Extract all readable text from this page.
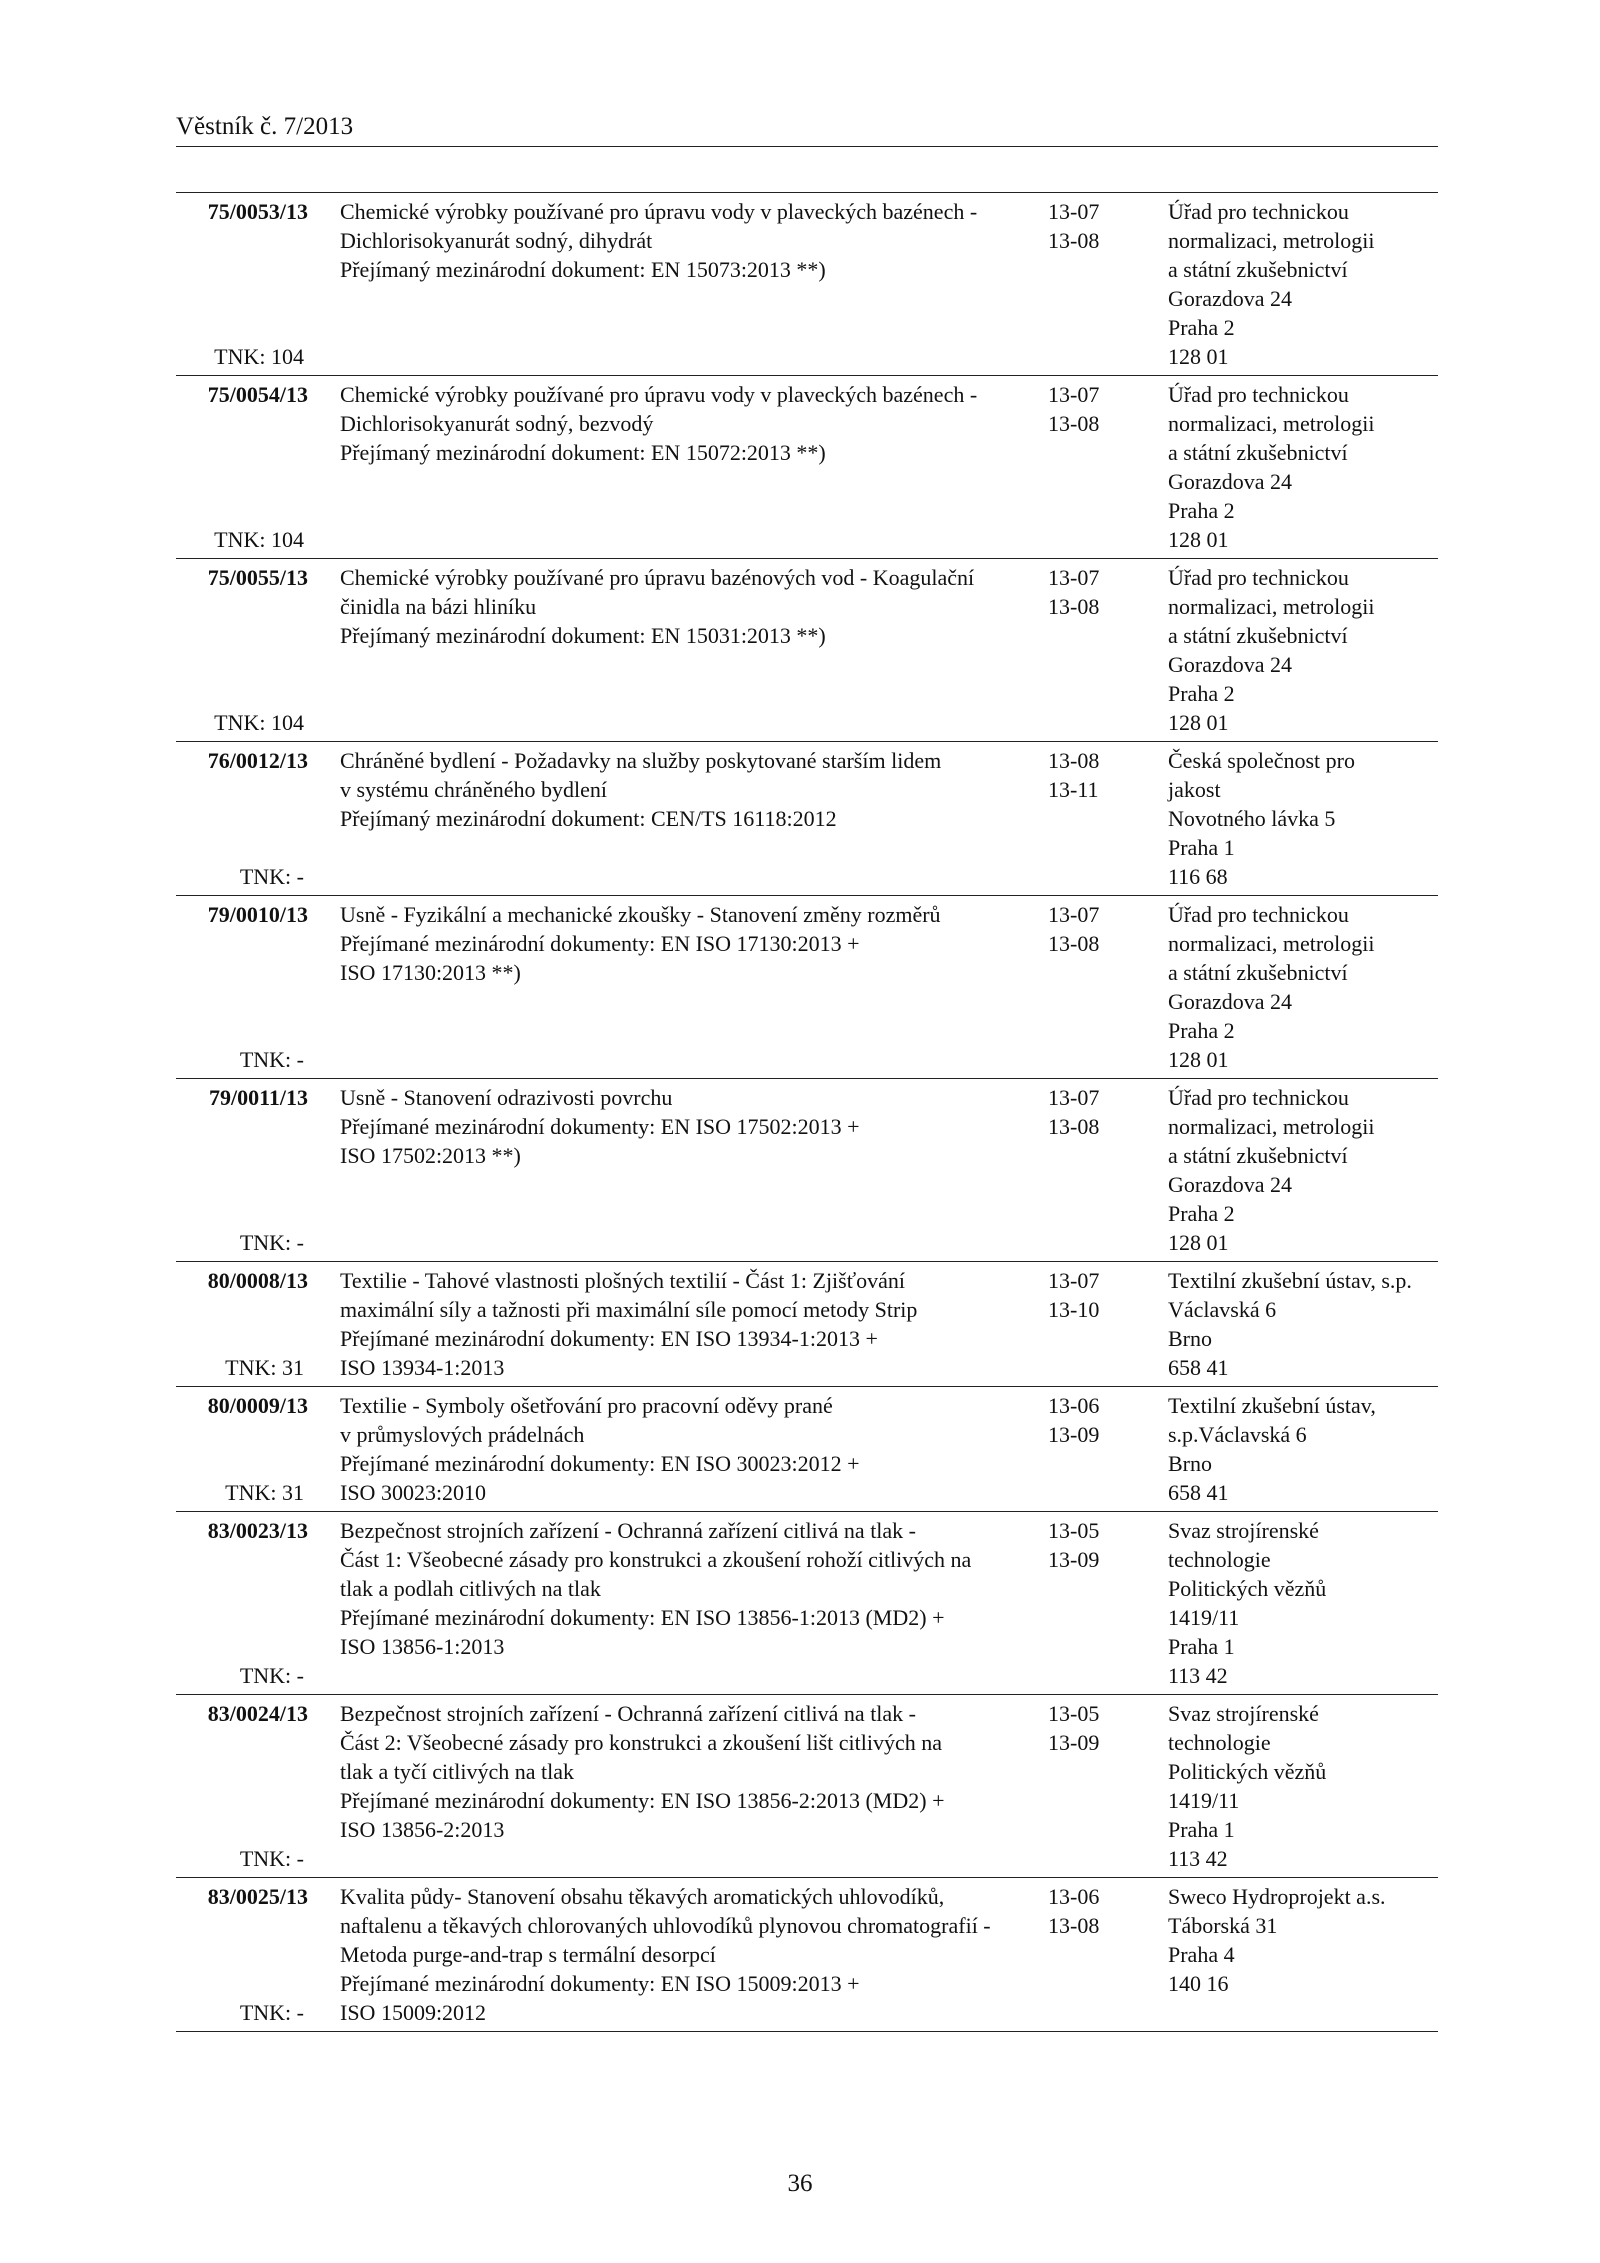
Věstník č. 7/2013
75/0053/13
TNK: 104
Chemické výrobky používané pro úpravu vody v plaveckých bazénech -
Dichlorisokyanurát sodný, dihydrát
Přejímaný mezinárodní dokument: EN 15073:2013 **)
13-07
13-08
Úřad pro technickou
normalizaci, metrologii
a státní zkušebnictví
Gorazdova 24
Praha 2
128 01
75/0054/13
TNK: 104
Chemické výrobky používané pro úpravu vody v plaveckých bazénech -
Dichlorisokyanurát sodný, bezvodý
Přejímaný mezinárodní dokument: EN 15072:2013 **)
13-07
13-08
Úřad pro technickou
normalizaci, metrologii
a státní zkušebnictví
Gorazdova 24
Praha 2
128 01
75/0055/13
TNK: 104
Chemické výrobky používané pro úpravu bazénových vod - Koagulační
činidla na bázi hliníku
Přejímaný mezinárodní dokument: EN 15031:2013 **)
13-07
13-08
Úřad pro technickou
normalizaci, metrologii
a státní zkušebnictví
Gorazdova 24
Praha 2
128 01
76/0012/13
TNK: -
Chráněné bydlení - Požadavky na služby poskytované starším lidem
v systému chráněného bydlení
Přejímaný mezinárodní dokument: CEN/TS 16118:2012
13-08
13-11
Česká společnost pro
jakost
Novotného lávka 5
Praha 1
116 68
79/0010/13
TNK: -
Usně - Fyzikální a mechanické zkoušky - Stanovení změny rozměrů
Přejímané mezinárodní dokumenty: EN ISO 17130:2013 +
ISO 17130:2013 **)
13-07
13-08
Úřad pro technickou
normalizaci, metrologii
a státní zkušebnictví
Gorazdova 24
Praha 2
128 01
79/0011/13
TNK: -
Usně - Stanovení odrazivosti povrchu
Přejímané mezinárodní dokumenty: EN ISO 17502:2013 +
ISO 17502:2013 **)
13-07
13-08
Úřad pro technickou
normalizaci, metrologii
a státní zkušebnictví
Gorazdova 24
Praha 2
128 01
80/0008/13
TNK: 31
Textilie - Tahové vlastnosti plošných textilií - Část 1: Zjišťování
maximální síly a tažnosti při maximální síle pomocí metody Strip
Přejímané mezinárodní dokumenty: EN ISO 13934-1:2013 +
ISO 13934-1:2013
13-07
13-10
Textilní zkušební ústav, s.p.
Václavská 6
Brno
658 41
80/0009/13
TNK: 31
Textilie - Symboly ošetřování pro pracovní oděvy prané
v průmyslových prádelnách
Přejímané mezinárodní dokumenty: EN ISO 30023:2012 +
ISO 30023:2010
13-06
13-09
Textilní zkušební ústav,
s.p.Václavská 6
Brno
658 41
83/0023/13
TNK: -
Bezpečnost strojních zařízení - Ochranná zařízení citlivá na tlak -
Část 1: Všeobecné zásady pro konstrukci a zkoušení rohoží citlivých na
tlak a podlah citlivých na tlak
Přejímané mezinárodní dokumenty: EN ISO 13856-1:2013 (MD2) +
ISO 13856-1:2013
13-05
13-09
Svaz strojírenské
technologie
Politických vězňů
1419/11
Praha 1
113 42
83/0024/13
TNK: -
Bezpečnost strojních zařízení - Ochranná zařízení citlivá na tlak -
Část 2: Všeobecné zásady pro konstrukci a zkoušení lišt citlivých na
tlak a tyčí citlivých na tlak
Přejímané mezinárodní dokumenty: EN ISO 13856-2:2013 (MD2) +
ISO 13856-2:2013
13-05
13-09
Svaz strojírenské
technologie
Politických vězňů
1419/11
Praha 1
113 42
83/0025/13
TNK: -
Kvalita půdy- Stanovení obsahu těkavých aromatických uhlovodíků,
naftalenu a těkavých chlorovaných uhlovodíků plynovou chromatografií -
Metoda purge-and-trap s termální desorpcí
Přejímané mezinárodní dokumenty: EN ISO 15009:2013 +
ISO 15009:2012
13-06
13-08
Sweco Hydroprojekt a.s.
Táborská 31
Praha 4
140 16
36
